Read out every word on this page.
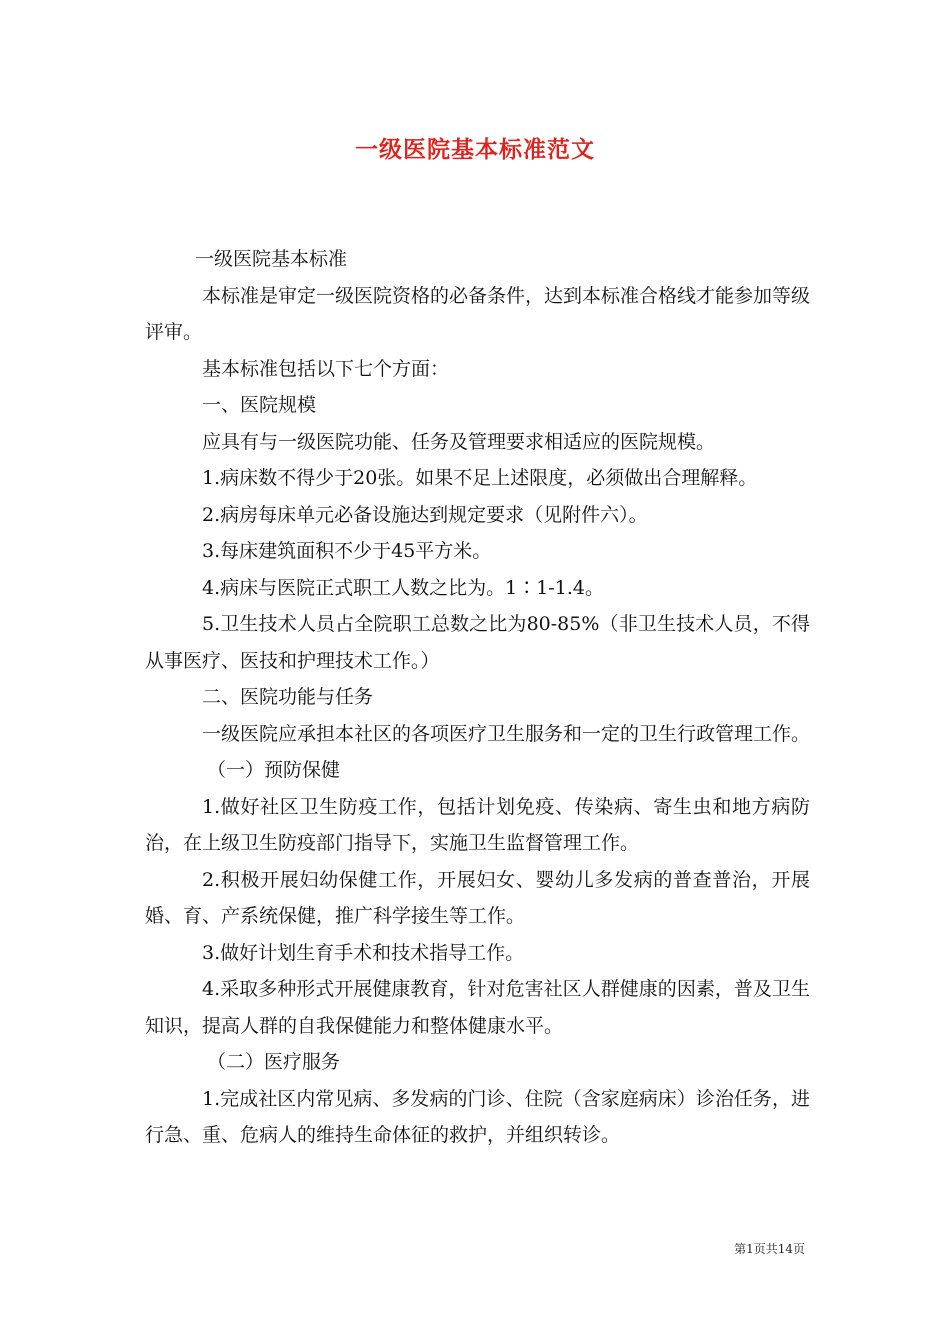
一级医院基本标准范文

一级医院基本标准

本标准是审定一级医院资格的必备条件，达到本标准合格线才能参加等级评审。

基本标准包括以下七个方面：

一、医院规模

应具有与一级医院功能、任务及管理要求相适应的医院规模。

1.病床数不得少于20张。如果不足上述限度，必须做出合理解释。

2.病房每床单元必备设施达到规定要求（见附件六）。

3.每床建筑面积不少于45平方米。

4.病床与医院正式职工人数之比为。1∶1-1.4。

5.卫生技术人员占全院职工总数之比为80-85%（非卫生技术人员，不得从事医疗、医技和护理技术工作。）

二、医院功能与任务

一级医院应承担本社区的各项医疗卫生服务和一定的卫生行政管理工作。

（一）预防保健

1.做好社区卫生防疫工作，包括计划免疫、传染病、寄生虫和地方病防治，在上级卫生防疫部门指导下，实施卫生监督管理工作。

2.积极开展妇幼保健工作，开展妇女、婴幼儿多发病的普查普治，开展婚、育、产系统保健，推广科学接生等工作。

3.做好计划生育手术和技术指导工作。

4.采取多种形式开展健康教育，针对危害社区人群健康的因素，普及卫生知识，提高人群的自我保健能力和整体健康水平。

（二）医疗服务

1.完成社区内常见病、多发病的门诊、住院（含家庭病床）诊治任务，进行急、重、危病人的维持生命体征的救护，并组织转诊。

第1页共14页
